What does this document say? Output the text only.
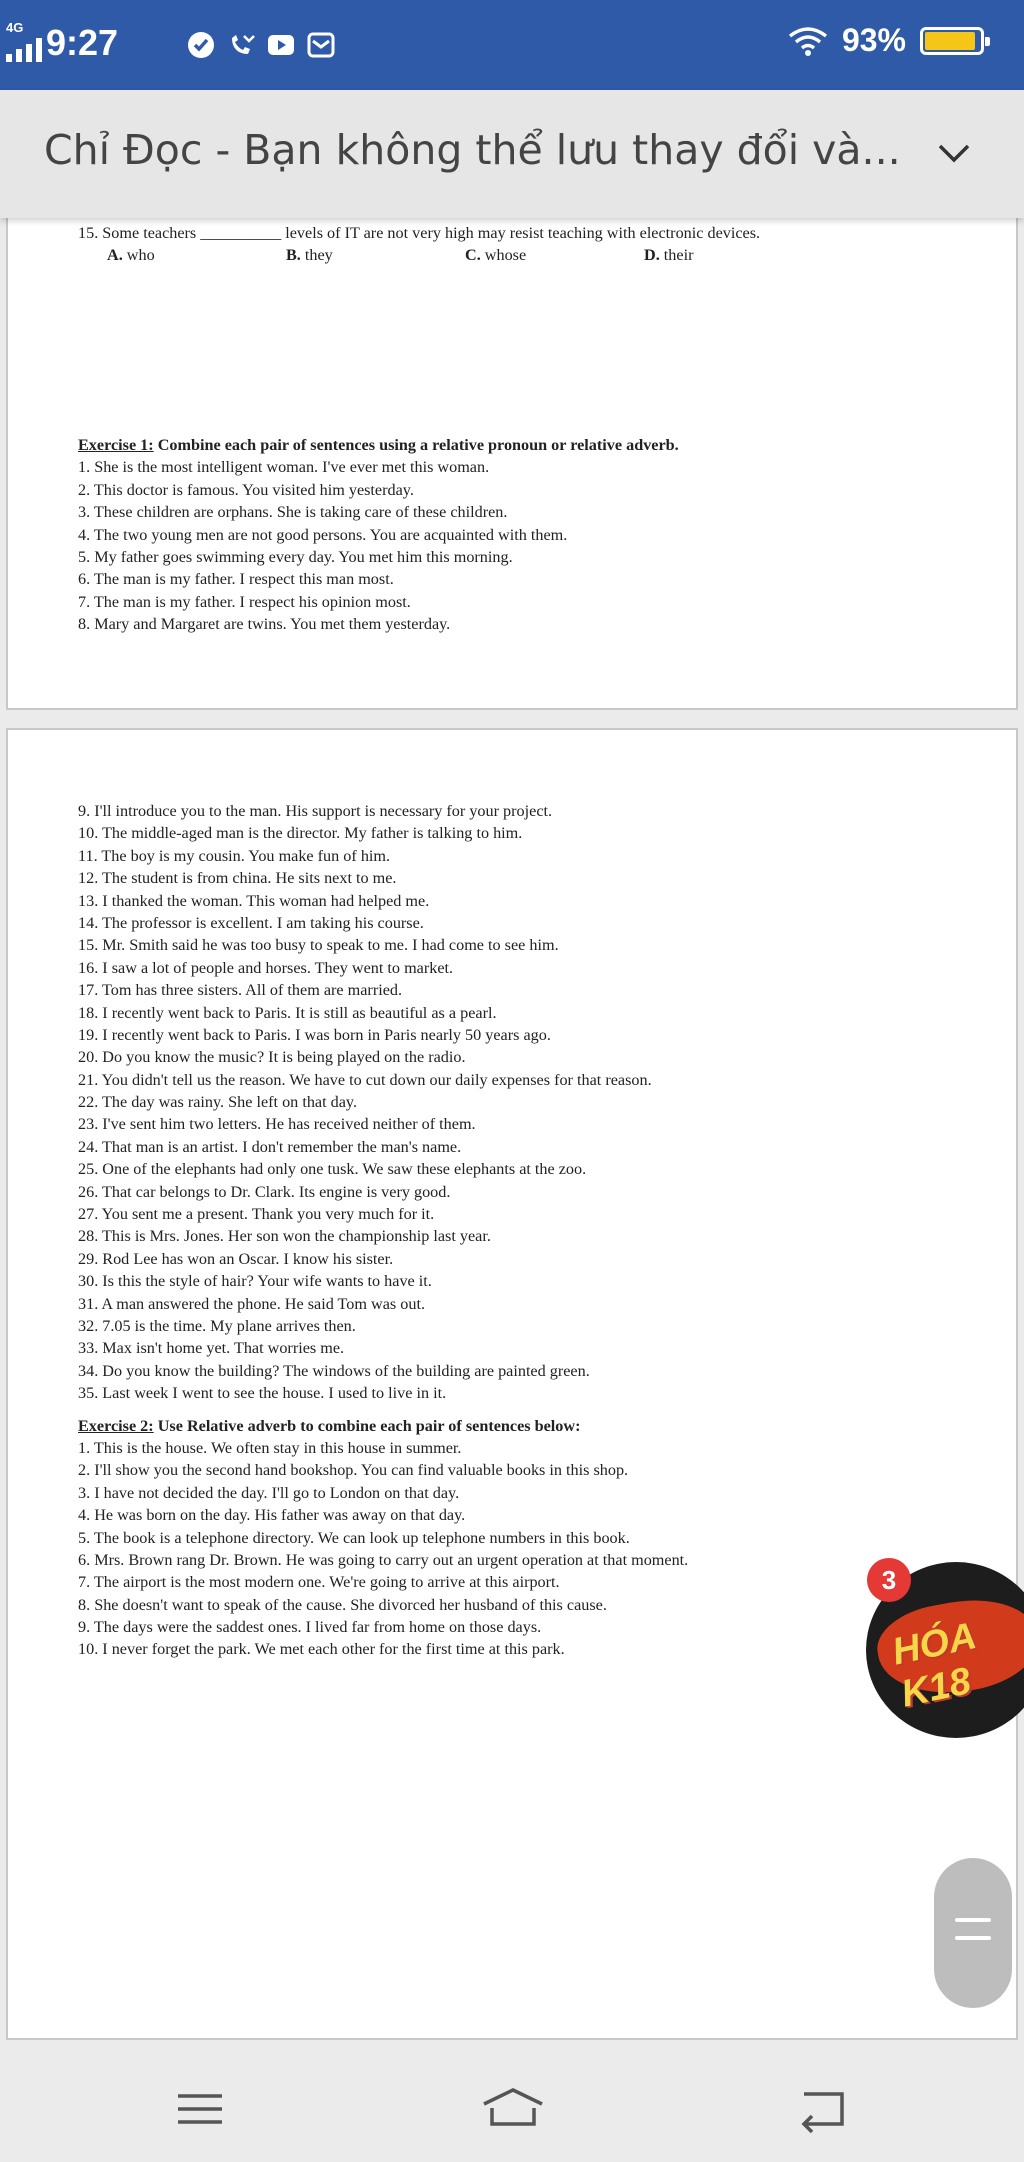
4G 9:27	93%
Chỉ Đọc - Bạn không thể lưu thay đổi và...
15. Some teachers __________ levels of IT are not very high may resist teaching with electronic devices.
A. who	B. they	C. whose	D. their
Exercise 1: Combine each pair of sentences using a relative pronoun or relative adverb.
1. She is the most intelligent woman. I've ever met this woman.
2. This doctor is famous. You visited him yesterday.
3. These children are orphans. She is taking care of these children.
4. The two young men are not good persons. You are acquainted with them.
5. My father goes swimming every day. You met him this morning.
6. The man is my father. I respect this man most.
7. The man is my father. I respect his opinion most.
8. Mary and Margaret are twins. You met them yesterday.
9. I'll introduce you to the man. His support is necessary for your project.
10. The middle-aged man is the director. My father is talking to him.
11. The boy is my cousin. You make fun of him.
12. The student is from china. He sits next to me.
13. I thanked the woman. This woman had helped me.
14. The professor is excellent. I am taking his course.
15. Mr. Smith said he was too busy to speak to me. I had come to see him.
16. I saw a lot of people and horses. They went to market.
17. Tom has three sisters. All of them are married.
18. I recently went back to Paris. It is still as beautiful as a pearl.
19. I recently went back to Paris. I was born in Paris nearly 50 years ago.
20. Do you know the music? It is being played on the radio.
21. You didn't tell us the reason. We have to cut down our daily expenses for that reason.
22. The day was rainy. She left on that day.
23. I've sent him two letters. He has received neither of them.
24. That man is an artist. I don't remember the man's name.
25. One of the elephants had only one tusk. We saw these elephants at the zoo.
26. That car belongs to Dr. Clark. Its engine is very good.
27. You sent me a present. Thank you very much for it.
28. This is Mrs. Jones. Her son won the championship last year.
29. Rod Lee has won an Oscar. I know his sister.
30. Is this the style of hair? Your wife wants to have it.
31. A man answered the phone. He said Tom was out.
32. 7.05 is the time. My plane arrives then.
33. Max isn't home yet. That worries me.
34. Do you know the building? The windows of the building are painted green.
35. Last week I went to see the house. I used to live in it.
Exercise 2: Use Relative adverb to combine each pair of sentences below:
1. This is the house. We often stay in this house in summer.
2. I'll show you the second hand bookshop. You can find valuable books in this shop.
3. I have not decided the day. I'll go to London on that day.
4. He was born on the day. His father was away on that day.
5. The book is a telephone directory. We can look up telephone numbers in this book.
6. Mrs. Brown rang Dr. Brown. He was going to carry out an urgent operation at that moment.
7. The airport is the most modern one. We're going to arrive at this airport.
8. She doesn't want to speak of the cause. She divorced her husband of this cause.
9. The days were the saddest ones. I lived far from home on those days.
10. I never forget the park. We met each other for the first time at this park.	HÓA K18
3
